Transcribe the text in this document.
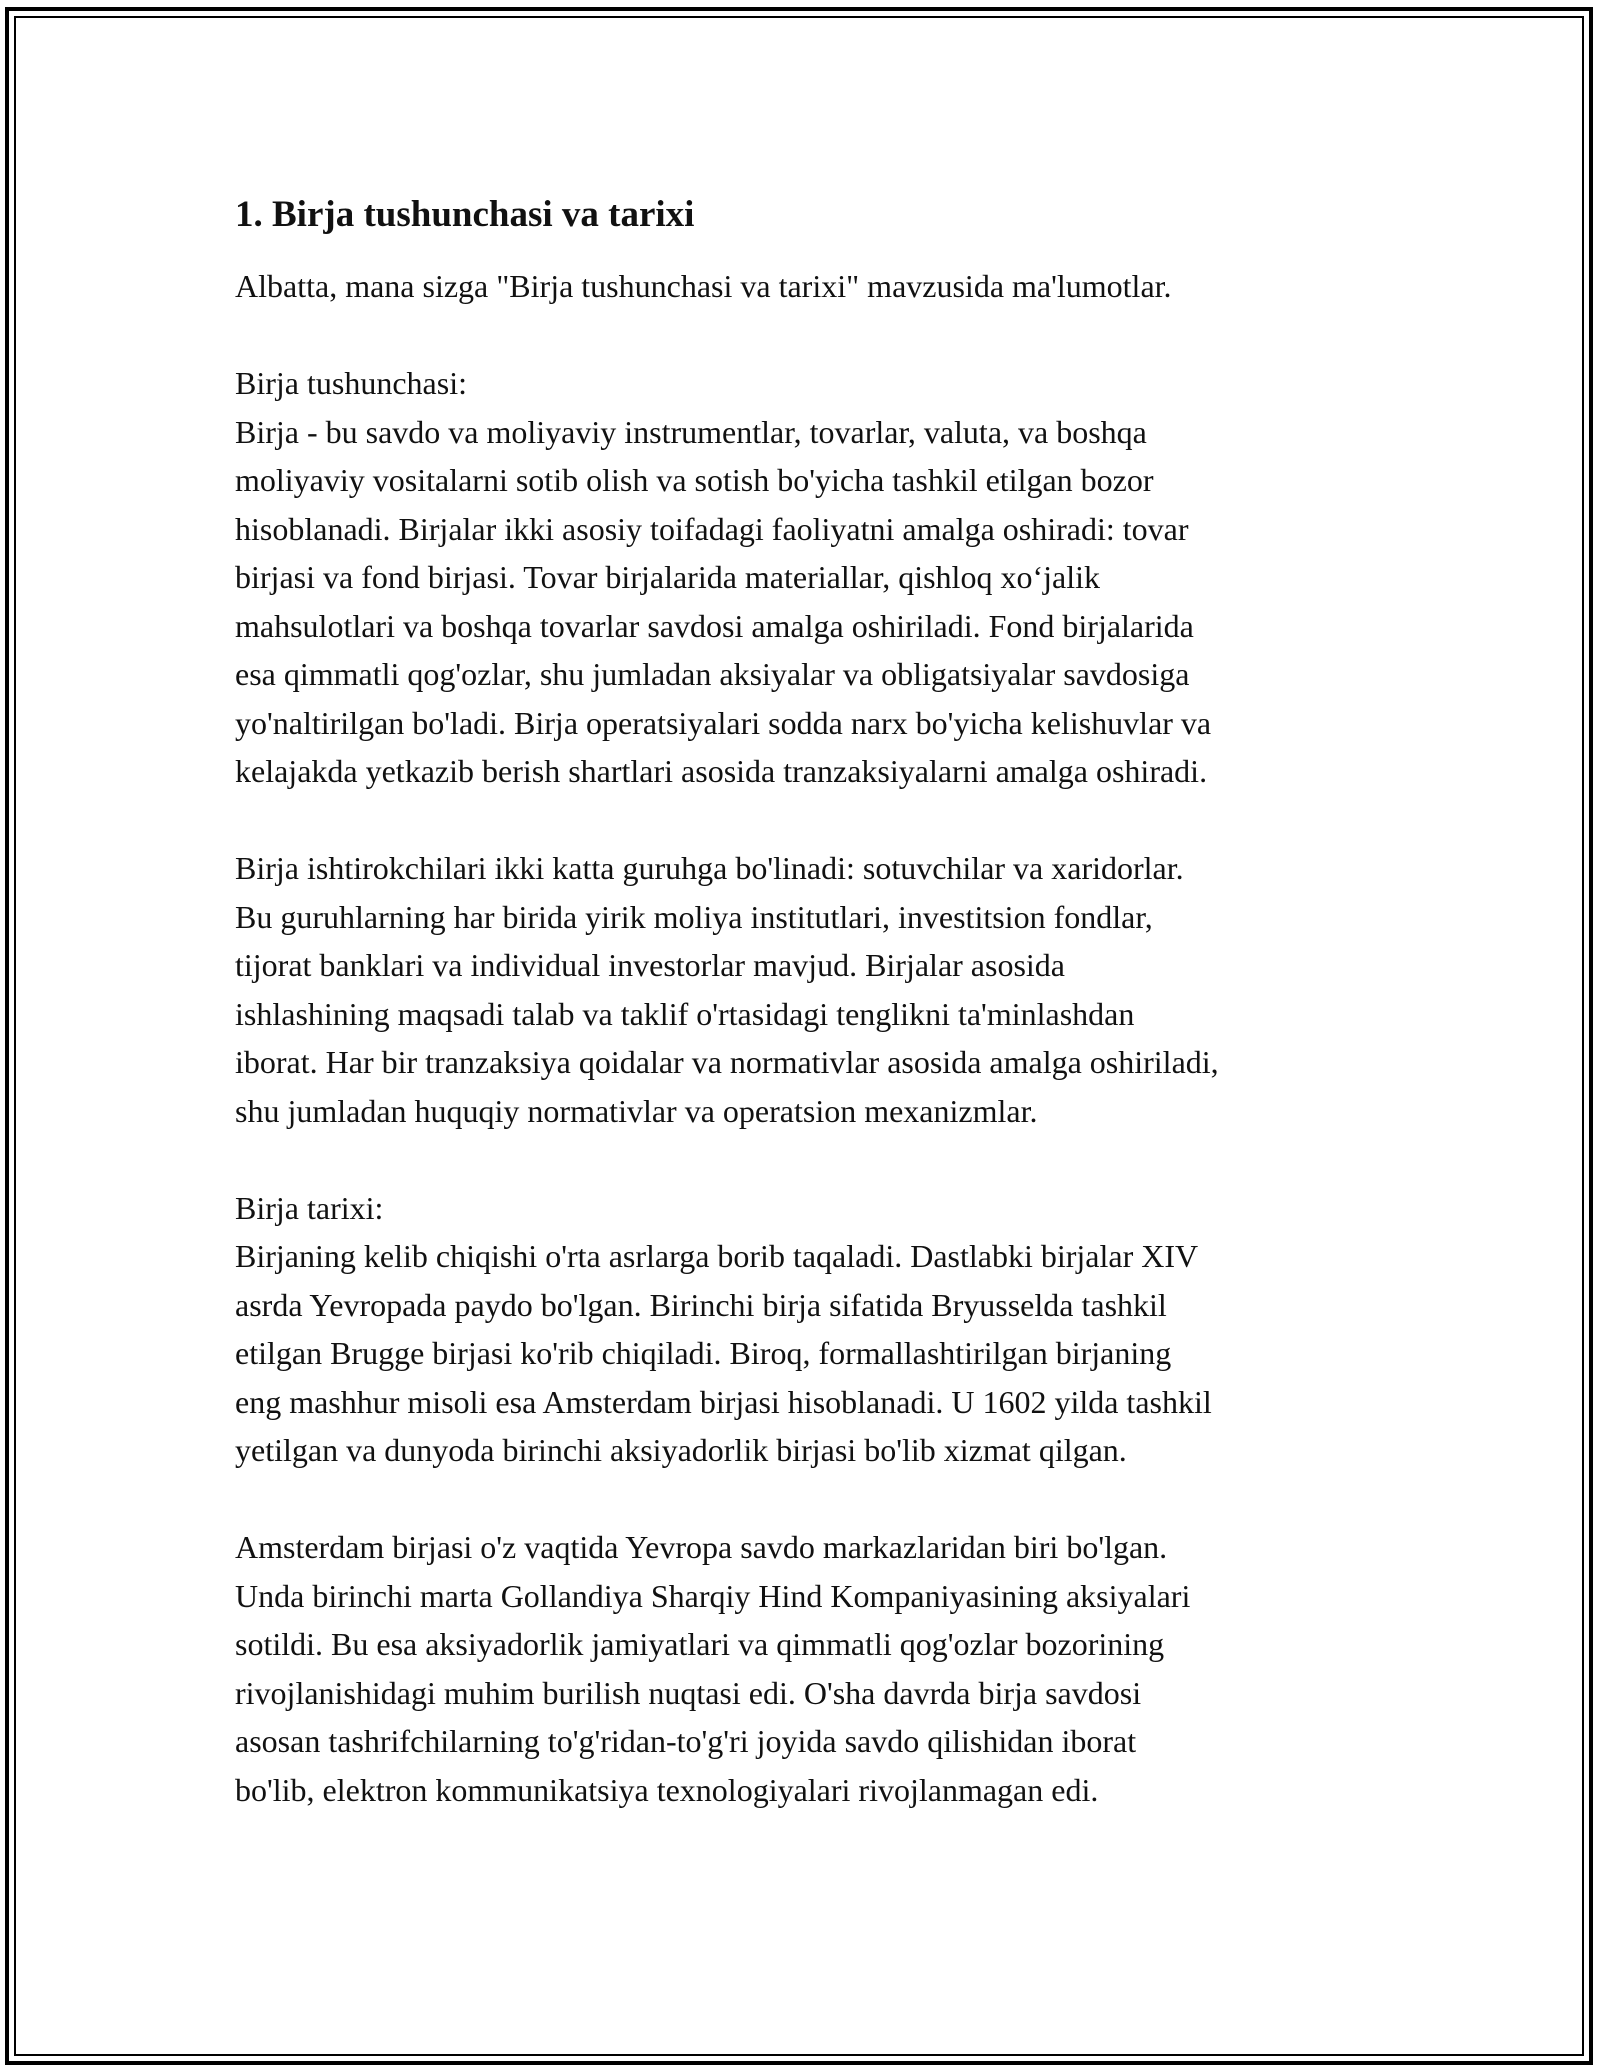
1. Birja tushunchasi va tarixi

Albatta, mana sizga "Birja tushunchasi va tarixi" mavzusida ma'lumotlar.

Birja tushunchasi:
Birja - bu savdo va moliyaviy instrumentlar, tovarlar, valuta, va boshqa
moliyaviy vositalarni sotib olish va sotish bo'yicha tashkil etilgan bozor
hisoblanadi. Birjalar ikki asosiy toifadagi faoliyatni amalga oshiradi: tovar
birjasi va fond birjasi. Tovar birjalarida materiallar, qishloq xo‘jalik
mahsulotlari va boshqa tovarlar savdosi amalga oshiriladi. Fond birjalarida
esa qimmatli qog'ozlar, shu jumladan aksiyalar va obligatsiyalar savdosiga
yo'naltirilgan bo'ladi. Birja operatsiyalari sodda narx bo'yicha kelishuvlar va
kelajakda yetkazib berish shartlari asosida tranzaksiyalarni amalga oshiradi.

Birja ishtirokchilari ikki katta guruhga bo'linadi: sotuvchilar va xaridorlar.
Bu guruhlarning har birida yirik moliya institutlari, investitsion fondlar,
tijorat banklari va individual investorlar mavjud. Birjalar asosida
ishlashining maqsadi talab va taklif o'rtasidagi tenglikni ta'minlashdan
iborat. Har bir tranzaksiya qoidalar va normativlar asosida amalga oshiriladi,
shu jumladan huquqiy normativlar va operatsion mexanizmlar.

Birja tarixi:
Birjaning kelib chiqishi o'rta asrlarga borib taqaladi. Dastlabki birjalar XIV
asrda Yevropada paydo bo'lgan. Birinchi birja sifatida Bryusselda tashkil
etilgan Brugge birjasi ko'rib chiqiladi. Biroq, formallashtirilgan birjaning
eng mashhur misoli esa Amsterdam birjasi hisoblanadi. U 1602 yilda tashkil
yetilgan va dunyoda birinchi aksiyadorlik birjasi bo'lib xizmat qilgan.

Amsterdam birjasi o'z vaqtida Yevropa savdo markazlaridan biri bo'lgan.
Unda birinchi marta Gollandiya Sharqiy Hind Kompaniyasining aksiyalari
sotildi. Bu esa aksiyadorlik jamiyatlari va qimmatli qog'ozlar bozorining
rivojlanishidagi muhim burilish nuqtasi edi. O'sha davrda birja savdosi
asosan tashrifchilarning to'g'ridan-to'g'ri joyida savdo qilishidan iborat
bo'lib, elektron kommunikatsiya texnologiyalari rivojlanmagan edi.
